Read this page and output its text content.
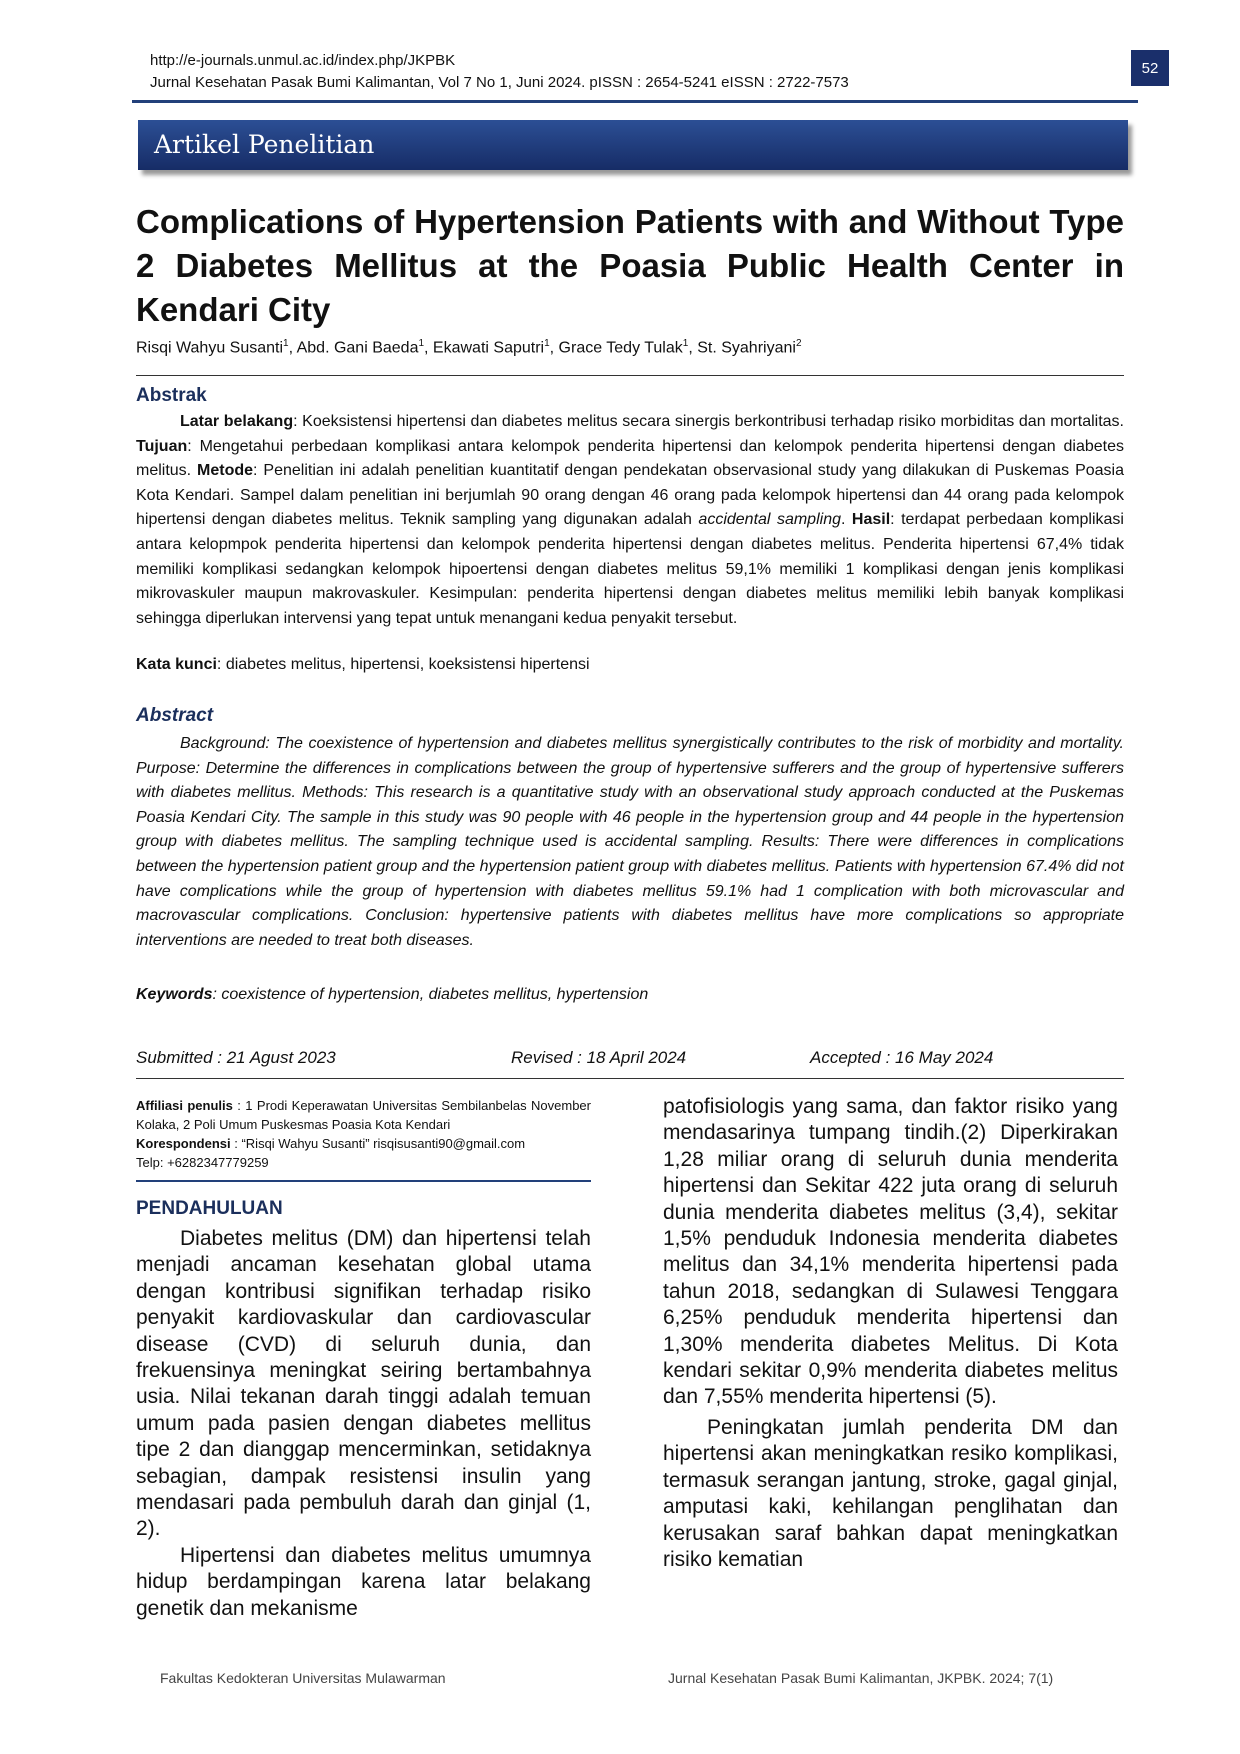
http://e-journals.unmul.ac.id/index.php/JKPBK
Jurnal Kesehatan Pasak Bumi Kalimantan, Vol 7 No 1, Juni 2024. pISSN : 2654-5241 eISSN : 2722-7573
52
Artikel Penelitian
Complications of Hypertension Patients with and Without Type 2 Diabetes Mellitus at the Poasia Public Health Center in Kendari City
Risqi Wahyu Susanti$^1$, Abd. Gani Baeda$^1$, Ekawati Saputri$^1$, Grace Tedy Tulak$^1$, St. Syahriyani$^2$
Abstrak

Latar belakang: Koeksistensi hipertensi dan diabetes melitus secara sinergis berkontribusi terhadap risiko morbiditas dan mortalitas. Tujuan: Mengetahui perbedaan komplikasi antara kelompok penderita hipertensi dan kelompok penderita hipertensi dengan diabetes melitus. Metode: Penelitian ini adalah penelitian kuantitatif dengan pendekatan observasional study yang dilakukan di Puskemas Poasia Kota Kendari. Sampel dalam penelitian ini berjumlah 90 orang dengan 46 orang pada kelompok hipertensi dan 44 orang pada kelompok hipertensi dengan diabetes melitus. Teknik sampling yang digunakan adalah accidental sampling. Hasil: terdapat perbedaan komplikasi antara kelopmpok penderita hipertensi dan kelompok penderita hipertensi dengan diabetes melitus. Penderita hipertensi 67,4% tidak memiliki komplikasi sedangkan kelompok hipoertensi dengan diabetes melitus 59,1% memiliki 1 komplikasi dengan jenis komplikasi mikrovaskuler maupun makrovaskuler. Kesimpulan: penderita hipertensi dengan diabetes melitus memiliki lebih banyak komplikasi sehingga diperlukan intervensi yang tepat untuk menangani kedua penyakit tersebut.

Kata kunci: diabetes melitus, hipertensi, koeksistensi hipertensi
Abstract

Background: The coexistence of hypertension and diabetes mellitus synergistically contributes to the risk of morbidity and mortality. Purpose: Determine the differences in complications between the group of hypertensive sufferers and the group of hypertensive sufferers with diabetes mellitus. Methods: This research is a quantitative study with an observational study approach conducted at the Puskemas Poasia Kendari City. The sample in this study was 90 people with 46 people in the hypertension group and 44 people in the hypertension group with diabetes mellitus. The sampling technique used is accidental sampling. Results: There were differences in complications between the hypertension patient group and the hypertension patient group with diabetes mellitus. Patients with hypertension 67.4% did not have complications while the group of hypertension with diabetes mellitus 59.1% had 1 complication with both microvascular and macrovascular complications. Conclusion: hypertensive patients with diabetes mellitus have more complications so appropriate interventions are needed to treat both diseases.

Keywords: coexistence of hypertension, diabetes mellitus, hypertension
Submitted : 21 Agust 2023	Revised : 18 April 2024	Accepted : 16 May 2024

Affiliasi penulis : 1 Prodi Keperawatan Universitas Sembilanbelas November Kolaka, 2 Poli Umum Puskesmas Poasia Kota Kendari

Korespondensi : “Risqi Wahyu Susanti” risqisusanti90@gmail.com

Telp: +6282347779259

PENDAHULUAN

Diabetes melitus (DM) dan hipertensi telah menjadi ancaman kesehatan global utama dengan kontribusi signifikan terhadap risiko penyakit kardiovaskular dan cardiovascular disease (CVD) di seluruh dunia, dan frekuensinya meningkat seiring bertambahnya usia. Nilai tekanan darah tinggi adalah temuan umum pada pasien dengan diabetes mellitus tipe 2 dan dianggap mencerminkan, setidaknya sebagian, dampak resistensi insulin yang mendasari pada pembuluh darah dan ginjal (1, 2).

Hipertensi dan diabetes melitus umumnya hidup berdampingan karena latar belakang genetik dan mekanisme

patofisiologis yang sama, dan faktor risiko yang mendasarinya tumpang tindih.(2) Diperkirakan 1,28 miliar orang di seluruh dunia menderita hipertensi dan Sekitar 422 juta orang di seluruh dunia menderita diabetes melitus (3,4), sekitar 1,5% penduduk Indonesia menderita diabetes melitus dan 34,1% menderita hipertensi pada tahun 2018, sedangkan di Sulawesi Tenggara 6,25% penduduk menderita hipertensi dan 1,30% menderita diabetes Melitus. Di Kota kendari sekitar 0,9% menderita diabetes melitus dan 7,55% menderita hipertensi (5).

Peningkatan jumlah penderita DM dan hipertensi akan meningkatkan resiko komplikasi, termasuk serangan jantung, stroke, gagal ginjal, amputasi kaki, kehilangan penglihatan dan kerusakan saraf bahkan dapat meningkatkan risiko kematian

Fakultas Kedokteran Universitas Mulawarman	Jurnal Kesehatan Pasak Bumi Kalimantan, JKPBK. 2024; 7(1)
